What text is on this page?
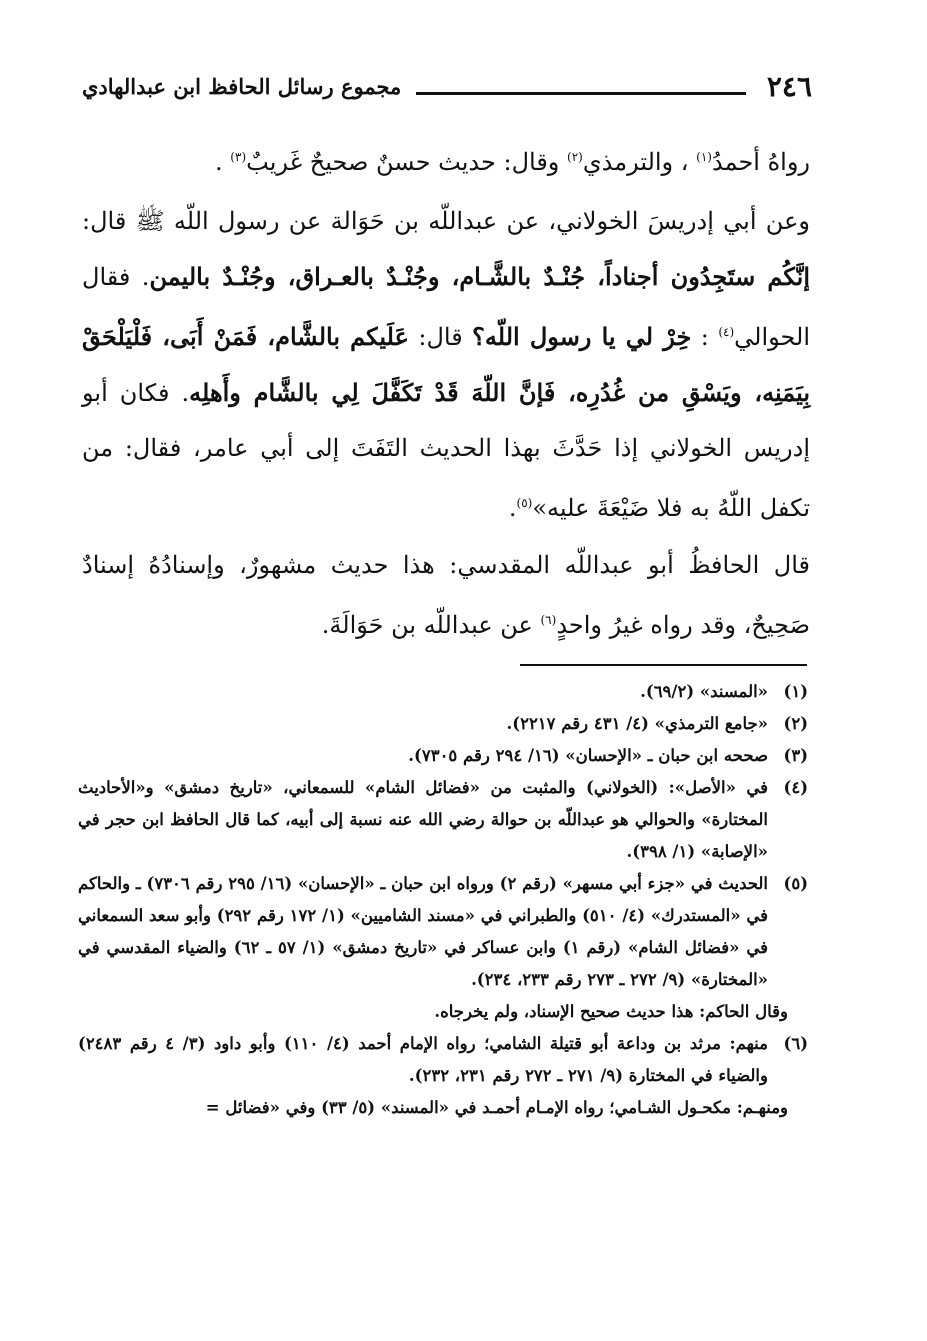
٢٤٦
مجموع رسائل الحافظ ابن عبدالهادي

رواهُ أحمدُ$^{(١)}$ ، والترمذي$^{(٢)}$ وقال: حديث حسنٌ صحيحٌ غَريبٌ$^{(٣)}$ .

وعن أبي إدريسَ الخولاني، عن عبداللّه بن حَوَالة عن رسول اللّه ﷺ قال: إنَّكُم ستَجِدُون أجناداً، جُنْـدٌ بالشَّـام، وجُنْـدٌ بالعـراق، وجُنْـدٌ باليمن. فقال الحوالي$^{(٤)}$ : خِرْ لي يا رسول اللّه؟ قال: عَلَيكم بالشَّام، فَمَنْ أَبَى، فَلْيَلْحَقْ بِيَمَنِه، ويَسْقِ من غُدُرِه، فَإنَّ اللّهَ قَدْ تَكَفَّلَ لِي بالشَّام وأَهلِه. فكان أبو إدريس الخولاني إذا حَدَّثَ بهذا الحديث التَفَتَ إلى أبي عامر، فقال: من تكفل اللّهُ به فلا ضَيْعَةَ عليه»$^{(٥)}$.

قال الحافظُ أبو عبداللّه المقدسي: هذا حديث مشهورٌ، وإسنادُهُ إسنادٌ صَحِيحٌ، وقد رواه غيرُ واحدٍ$^{(٦)}$ عن عبداللّه بن حَوَالَةَ.

(١)
«المسند» (٦٩/٢).
(٢)
«جامع الترمذي» (٤/ ٤٣١ رقم ٢٢١٧).
(٣)
صححه ابن حبان ـ «الإحسان» (١٦/ ٢٩٤ رقم ٧٣٠٥).
(٤)
في «الأصل»: (الخولاني) والمثبت من «فضائل الشام» للسمعاني، «تاريخ دمشق» و«الأحاديث المختارة» والحوالي هو عبداللّه بن حوالة رضي الله عنه نسبة إلى أبيه، كما قال الحافظ ابن حجر في «الإصابة» (١/ ٣٩٨).
(٥)
الحديث في «جزء أبي مسهر» (رقم ٢) ورواه ابن حبان ـ «الإحسان» (١٦/ ٢٩٥ رقم ٧٣٠٦) ـ والحاكم في «المستدرك» (٤/ ٥١٠) والطبراني في «مسند الشاميين» (١/ ١٧٢ رقم ٢٩٢) وأبو سعد السمعاني في «فضائل الشام» (رقم ١) وابن عساكر في «تاريخ دمشق» (١/ ٥٧ ـ ٦٢) والضياء المقدسي في «المختارة» (٩/ ٢٧٢ ـ ٢٧٣ رقم ٢٣٣، ٢٣٤).
وقال الحاكم: هذا حديث صحيح الإسناد، ولم يخرجاه.
(٦)
منهم: مرثد بن وداعة أبو قتيلة الشامي؛ رواه الإمام أحمد (٤/ ١١٠) وأبو داود (٣/ ٤ رقم ٢٤٨٣) والضياء في المختارة (٩/ ٢٧١ ـ ٢٧٢ رقم ٢٣١، ٢٣٢).
ومنهـم: مكحـول الشـامي؛ رواه الإمـام أحمـد في «المسند» (٥/ ٣٣) وفي «فضائل =
